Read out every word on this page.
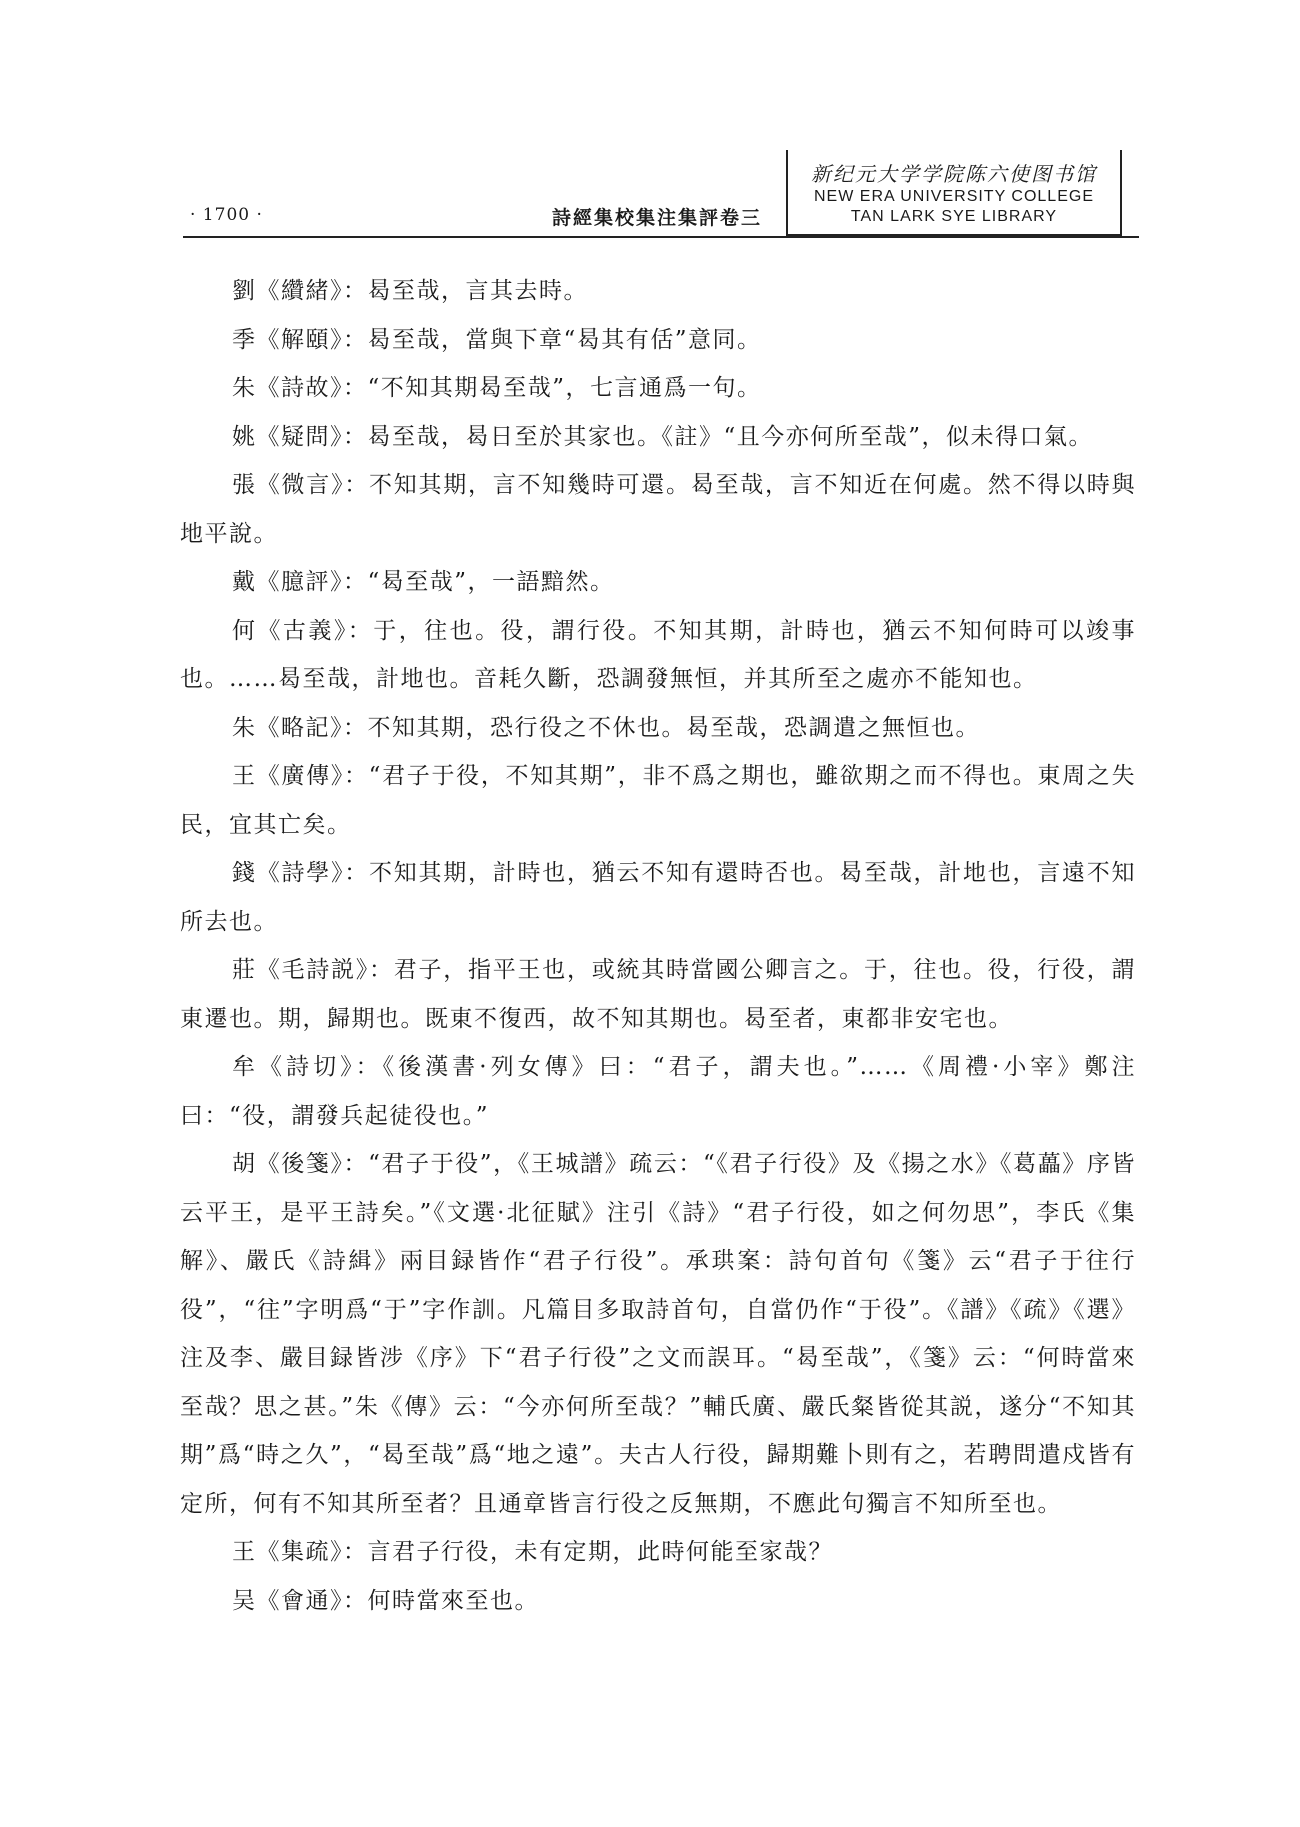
· 1700 ·	詩經集校集注集評卷三
新纪元大学学院陈六使图书馆
NEW ERA UNIVERSITY COLLEGE
TAN LARK SYE LIBRARY

劉《纘緒》：曷至哉，言其去時。

季《解頤》：曷至哉，當與下章“曷其有佸”意同。

朱《詩故》：“不知其期曷至哉”，七言通爲一句。

姚《疑問》：曷至哉，曷日至於其家也。《註》“且今亦何所至哉”，似未得口氣。

張《微言》：不知其期，言不知幾時可還。曷至哉，言不知近在何處。然不得以時與地平說。

戴《臆評》：“曷至哉”，一語黯然。

何《古義》：于，往也。役，謂行役。不知其期，計時也，猶云不知何時可以竣事也。……曷至哉，計地也。音耗久斷，恐調發無恒，并其所至之處亦不能知也。

朱《略記》：不知其期，恐行役之不休也。曷至哉，恐調遣之無恒也。

王《廣傳》：“君子于役，不知其期”，非不爲之期也，雖欲期之而不得也。東周之失民，宜其亡矣。

錢《詩學》：不知其期，計時也，猶云不知有還時否也。曷至哉，計地也，言遠不知所去也。

莊《毛詩説》：君子，指平王也，或統其時當國公卿言之。于，往也。役，行役，謂東遷也。期，歸期也。既東不復西，故不知其期也。曷至者，東都非安宅也。

牟《詩切》：《後漢書·列女傳》曰：“君子，謂夫也。”……《周禮·小宰》鄭注曰：“役，謂發兵起徒役也。”

胡《後箋》：“君子于役”，《王城譜》疏云：“《君子行役》及《揚之水》《葛藟》序皆云平王，是平王詩矣。”《文選·北征賦》注引《詩》“君子行役，如之何勿思”，李氏《集解》、嚴氏《詩緝》兩目録皆作“君子行役”。承珙案：詩句首句《箋》云“君子于往行役”，“往”字明爲“于”字作訓。凡篇目多取詩首句，自當仍作“于役”。《譜》《疏》《選》注及李、嚴目録皆涉《序》下“君子行役”之文而誤耳。“曷至哉”，《箋》云：“何時當來至哉？思之甚。”朱《傳》云：“今亦何所至哉？”輔氏廣、嚴氏粲皆從其説，遂分“不知其期”爲“時之久”，“曷至哉”爲“地之遠”。夫古人行役，歸期難卜則有之，若聘問遣戍皆有定所，何有不知其所至者？且通章皆言行役之反無期，不應此句獨言不知所至也。

王《集疏》：言君子行役，未有定期，此時何能至家哉？

吴《會通》：何時當來至也。
